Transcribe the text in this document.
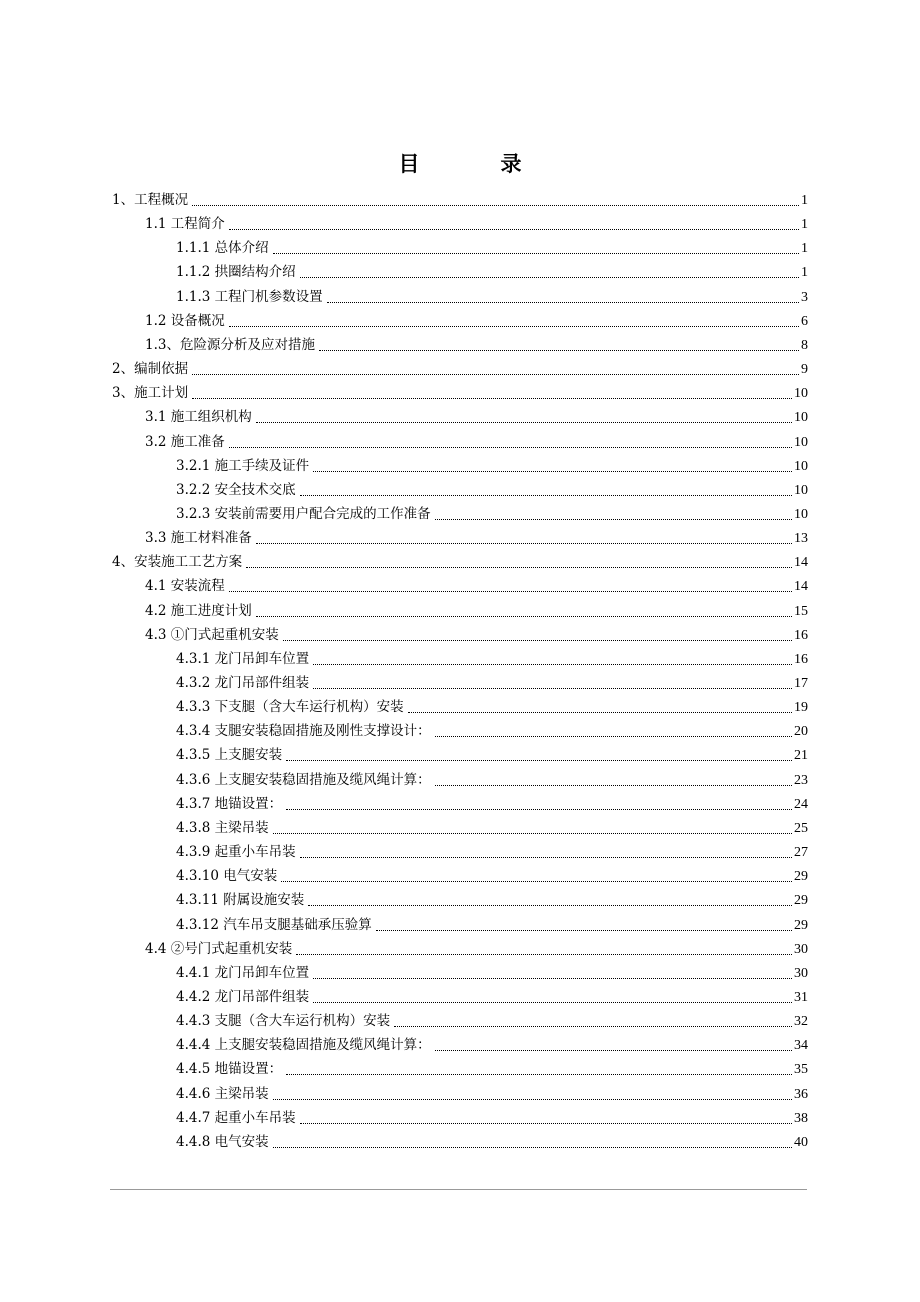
目　录
1、工程概况	1
1.1 工程简介	1
1.1.1 总体介绍	1
1.1.2 拱圈结构介绍	1
1.1.3 工程门机参数设置	3
1.2 设备概况	6
1.3、危险源分析及应对措施	8
2、编制依据	9
3、施工计划	10
3.1 施工组织机构	10
3.2 施工准备	10
3.2.1 施工手续及证件	10
3.2.2 安全技术交底	10
3.2.3 安装前需要用户配合完成的工作准备	10
3.3 施工材料准备	13
4、安装施工工艺方案	14
4.1 安装流程	14
4.2 施工进度计划	15
4.3 ①门式起重机安装	16
4.3.1 龙门吊卸车位置	16
4.3.2 龙门吊部件组装	17
4.3.3 下支腿（含大车运行机构）安装	19
4.3.4 支腿安装稳固措施及刚性支撑设计：	20
4.3.5 上支腿安装	21
4.3.6 上支腿安装稳固措施及缆风绳计算：	23
4.3.7 地锚设置：	24
4.3.8 主梁吊装	25
4.3.9 起重小车吊装	27
4.3.10 电气安装	29
4.3.11 附属设施安装	29
4.3.12 汽车吊支腿基础承压验算	29
4.4 ②号门式起重机安装	30
4.4.1 龙门吊卸车位置	30
4.4.2 龙门吊部件组装	31
4.4.3 支腿（含大车运行机构）安装	32
4.4.4 上支腿安装稳固措施及缆风绳计算：	34
4.4.5 地锚设置：	35
4.4.6 主梁吊装	36
4.4.7 起重小车吊装	38
4.4.8 电气安装	40
